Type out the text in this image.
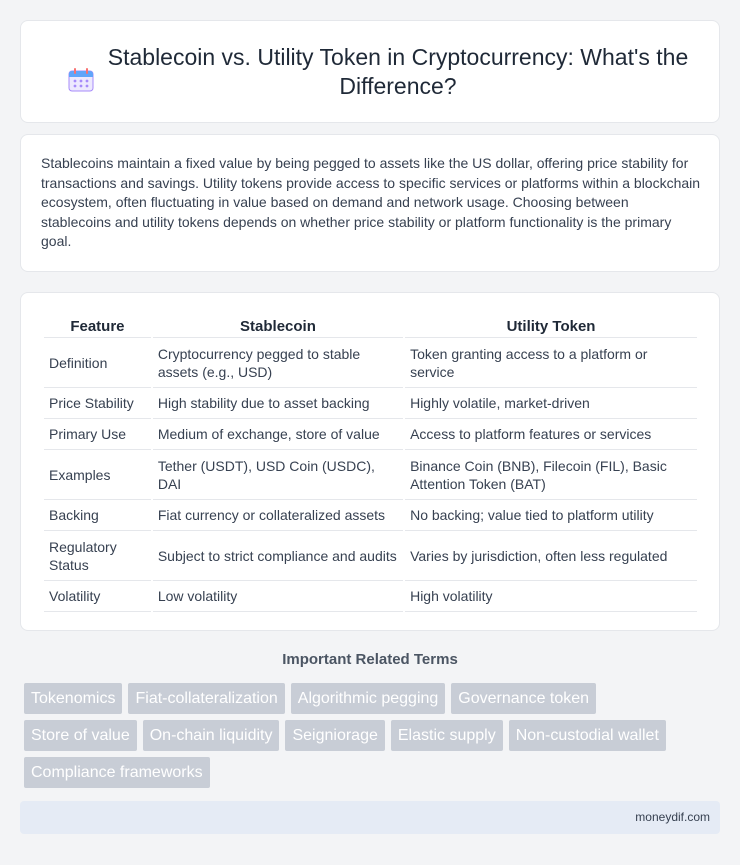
Stablecoin vs. Utility Token in Cryptocurrency: What's the Difference?

Stablecoins maintain a fixed value by being pegged to assets like the US dollar, offering price stability for transactions and savings. Utility tokens provide access to specific services or platforms within a blockchain ecosystem, often fluctuating in value based on demand and network usage. Choosing between stablecoins and utility tokens depends on whether price stability or platform functionality is the primary goal.

Feature	Stablecoin	Utility Token
Definition	Cryptocurrency pegged to stable assets (e.g., USD)	Token granting access to a platform or service
Price Stability	High stability due to asset backing	Highly volatile, market-driven
Primary Use	Medium of exchange, store of value	Access to platform features or services
Examples	Tether (USDT), USD Coin (USDC), DAI	Binance Coin (BNB), Filecoin (FIL), Basic Attention Token (BAT)
Backing	Fiat currency or collateralized assets	No backing; value tied to platform utility
Regulatory Status	Subject to strict compliance and audits	Varies by jurisdiction, often less regulated
Volatility	Low volatility	High volatility
Important Related Terms
Tokenomics	Fiat-collateralization	Algorithmic pegging	Governance token
Store of value	On-chain liquidity	Seigniorage	Elastic supply	Non-custodial wallet
Compliance frameworks
moneydif.com
